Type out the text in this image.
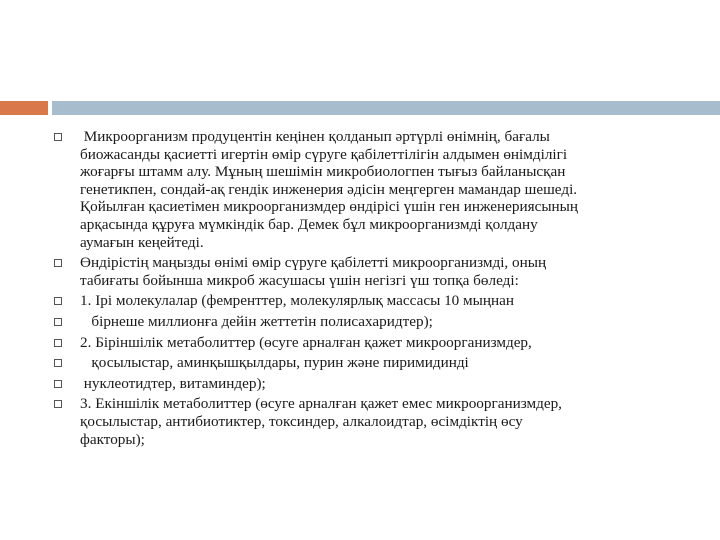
Микроорганизм продуцентін кеңінен қолданып әртүрлі өнімнің, бағалы
биожасанды қасиетті игертін өмір сүруге қабілеттілігін алдымен өнімділігі
жоғарғы штамм алу. Мұның шешімін микробиологпен тығыз байланысқан
генетикпен, сондай-ақ гендік инженерия әдісін меңгерген мамандар шешеді.
Қойылған қасиетімен микроорганизмдер өндірісі үшін ген инженериясының
арқасында құруға мүмкіндік бар. Демек бұл микроорганизмді қолдану
аумағын кеңейтеді.
Өндірістің маңызды өнімі өмір сүруге қабілетті микроорганизмді, оның
табиғаты бойынша микроб жасушасы үшін негізгі үш топқа бөледі:
1. Ірі молекулалар (фемренттер, молекулярлық массасы 10 мыңнан
бірнеше миллионға дейін жеттетін полисахаридтер);
2. Біріншілік метаболиттер (өсуге арналған қажет микроорганизмдер,
қосылыстар, аминқышқылдары, пурин және пиримидинді
нуклеотидтер, витаминдер);
3. Екіншілік метаболиттер (өсуге арналған қажет емес микроорганизмдер,
қосылыстар, антибиотиктер, токсиндер, алкалоидтар, өсімдіктің өсу
факторы);
